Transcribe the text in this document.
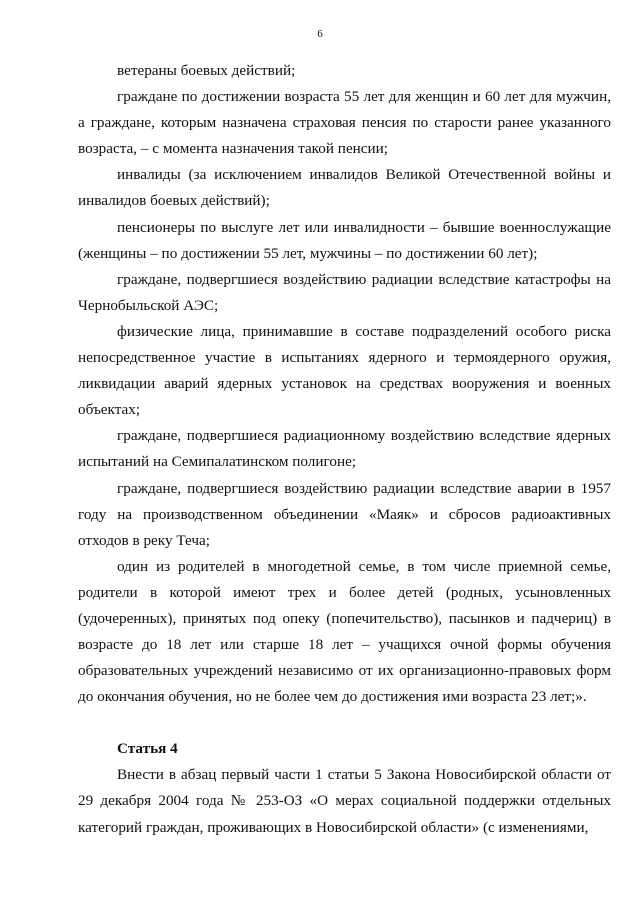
6

ветераны боевых действий;

граждане по достижении возраста 55 лет для женщин и 60 лет для мужчин, а граждане, которым назначена страховая пенсия по старости ранее указанного возраста, – с момента назначения такой пенсии;

инвалиды (за исключением инвалидов Великой Отечественной войны и инвалидов боевых действий);

пенсионеры по выслуге лет или инвалидности – бывшие военнослужащие (женщины – по достижении 55 лет, мужчины – по достижении 60 лет);

граждане, подвергшиеся воздействию радиации вследствие катастрофы на Чернобыльской АЭС;

физические лица, принимавшие в составе подразделений особого риска непосредственное участие в испытаниях ядерного и термоядерного оружия, ликвидации аварий ядерных установок на средствах вооружения и военных объектах;

граждане, подвергшиеся радиационному воздействию вследствие ядерных испытаний на Семипалатинском полигоне;

граждане, подвергшиеся воздействию радиации вследствие аварии в 1957 году на производственном объединении «Маяк» и сбросов радиоактивных отходов в реку Теча;

один из родителей в многодетной семье, в том числе приемной семье, родители в которой имеют трех и более детей (родных, усыновленных (удочеренных), принятых под опеку (попечительство), пасынков и падчериц) в возрасте до 18 лет или старше 18 лет – учащихся очной формы обучения образовательных учреждений независимо от их организационно-правовых форм до окончания обучения, но не более чем до достижения ими возраста 23 лет;».

Статья 4

Внести в абзац первый части 1 статьи 5 Закона Новосибирской области от 29 декабря 2004 года № 253-ОЗ «О мерах социальной поддержки отдельных категорий граждан, проживающих в Новосибирской области» (с изменениями,
